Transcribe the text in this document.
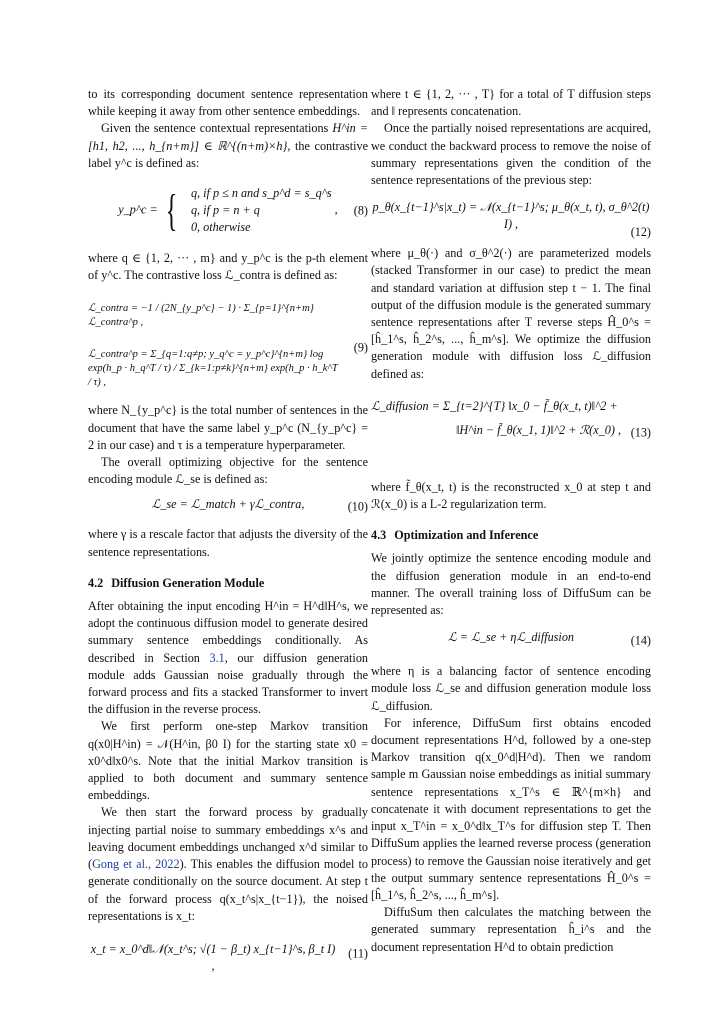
to its corresponding document sentence representation while keeping it away from other sentence embeddings.

Given the sentence contextual representations H^in = [h1, h2, ..., h_{n+m}] ∈ ℝ^{(n+m)×h}, the contrastive label y^c is defined as:

y_p^c = { q, if p ≤ n and s_p^d = s_q^s
q, if p = n + q
0, otherwise
,	(8)

where q ∈ {1, 2, ··· , m} and y_p^c is the p-th element of y^c. The contrastive loss ℒ_contra is defined as:

ℒ_contra = −1 / (2N_{y_p^c} − 1) · Σ_{p=1}^{n+m} ℒ_contra^p ,
ℒ_contra^p = Σ_{q=1:q≠p; y_q^c = y_p^c}^{n+m} log exp(h_p · h_q^T / τ) / Σ_{k=1:p≠k}^{n+m} exp(h_p · h_k^T / τ) ,
(9)

where N_{y_p^c} is the total number of sentences in the document that have the same label y_p^c (N_{y_p^c} = 2 in our case) and τ is a temperature hyperparameter.

The overall optimizing objective for the sentence encoding module ℒ_se is defined as:

ℒ_se = ℒ_match + γℒ_contra,	(10)

where γ is a rescale factor that adjusts the diversity of the sentence representations.

4.2 Diffusion Generation Module

After obtaining the input encoding H^in = H^d‖H^s, we adopt the continuous diffusion model to generate desired summary sentence embeddings conditionally. As described in Section 3.1, our diffusion generation module adds Gaussian noise gradually through the forward process and fits a stacked Transformer to invert the diffusion in the reverse process.

We first perform one-step Markov transition q(x0|H^in) = 𝒩(H^in, β0 I) for the starting state x0 = x0^d‖x0^s. Note that the initial Markov transition is applied to both document and summary sentence embeddings.

We then start the forward process by gradually injecting partial noise to summary embeddings x^s and leaving document embeddings unchanged x^d similar to (Gong et al., 2022). This enables the diffusion model to generate conditionally on the source document. At step t of the forward process q(x_t^s|x_{t−1}), the noised representations is x_t:

x_t = x_0^d‖𝒩(x_t^s; √(1 − β_t) x_{t−1}^s, β_t I) ,
(11)

where t ∈ {1, 2, ··· , T} for a total of T diffusion steps and ‖ represents concatenation.

Once the partially noised representations are acquired, we conduct the backward process to remove the noise of summary representations given the condition of the sentence representations of the previous step:

p_θ(x_{t−1}^s|x_t) = 𝒩(x_{t−1}^s; μ_θ(x_t, t), σ_θ^2(t) I) ,
(12)

where μ_θ(·) and σ_θ^2(·) are parameterized models (stacked Transformer in our case) to predict the mean and standard variation at diffusion step t − 1. The final output of the diffusion module is the generated summary sentence representations after T reverse steps Ĥ_0^s = [ĥ_1^s, ĥ_2^s, ..., ĥ_m^s]. We optimize the diffusion generation module with diffusion loss ℒ_diffusion defined as:

ℒ_diffusion = Σ_{t=2}^{T} ‖x_0 − f̃_θ(x_t, t)‖^2 +
‖H^in − f̃_θ(x_1, 1)‖^2 + ℛ(x_0) , (13)

where f̃_θ(x_t, t) is the reconstructed x_0 at step t and ℛ(x_0) is a L-2 regularization term.

4.3 Optimization and Inference

We jointly optimize the sentence encoding module and the diffusion generation module in an end-to-end manner. The overall training loss of DiffuSum can be represented as:

ℒ = ℒ_se + ηℒ_diffusion	(14)

where η is a balancing factor of sentence encoding module loss ℒ_se and diffusion generation module loss ℒ_diffusion.

For inference, DiffuSum first obtains encoded document representations H^d, followed by a one-step Markov transition q(x_0^d|H^d). Then we random sample m Gaussian noise embeddings as initial summary sentence representations x_T^s ∈ ℝ^{m×h} and concatenate it with document representations to get the input x_T^in = x_0^d‖x_T^s for diffusion step T. Then DiffuSum applies the learned reverse process (generation process) to remove the Gaussian noise iteratively and get the output summary sentence representations Ĥ_0^s = [ĥ_1^s, ĥ_2^s, ..., ĥ_m^s].

DiffuSum then calculates the matching between the generated summary representation ĥ_i^s and the document representation H^d to obtain prediction
